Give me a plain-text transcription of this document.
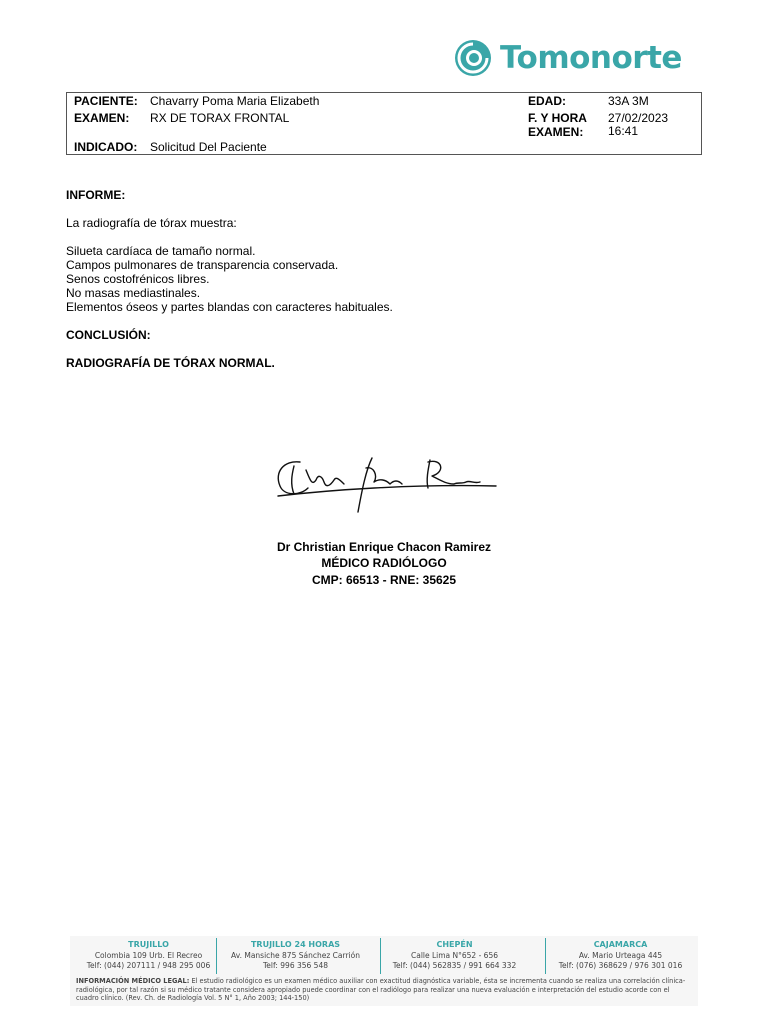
Tomonorte
PACIENTE: Chavarry Poma Maria Elizabeth
EXAMEN: RX DE TORAX FRONTAL
INDICADO: Solicitud Del Paciente
EDAD:	33A 3M
F. Y HORA
EXAMEN:
27/02/2023
16:41
INFORME:
La radiografía de tórax muestra:
Silueta cardíaca de tamaño normal.
Campos pulmonares de transparencia conservada.
Senos costofrénicos libres.
No masas mediastinales.
Elementos óseos y partes blandas con caracteres habituales.
CONCLUSIÓN:
RADIOGRAFÍA DE TÓRAX NORMAL.
Dr Christian Enrique Chacon Ramirez
MÉDICO RADIÓLOGO
CMP: 66513 - RNE: 35625
TRUJILLO
Colombia 109 Urb. El Recreo
Telf: (044) 207111 / 948 295 006
TRUJILLO 24 HORAS
Av. Mansiche 875 Sánchez Carrión
Telf: 996 356 548
CHEPÉN
Calle Lima N°652 - 656
Telf: (044) 562835 / 991 664 332
CAJAMARCA
Av. Mario Urteaga 445
Telf: (076) 368629 / 976 301 016
INFORMACIÓN MÉDICO LEGAL: El estudio radiológico es un examen médico auxiliar con exactitud diagnóstica variable, ésta se incrementa cuando se realiza una correlación clínica-radiológica, por tal razón si su médico tratante considera apropiado puede coordinar con el radiólogo para realizar una nueva evaluación e interpretación del estudio acorde con el cuadro clínico. (Rev. Ch. de Radiología Vol. 5 N° 1, Año 2003; 144-150)
